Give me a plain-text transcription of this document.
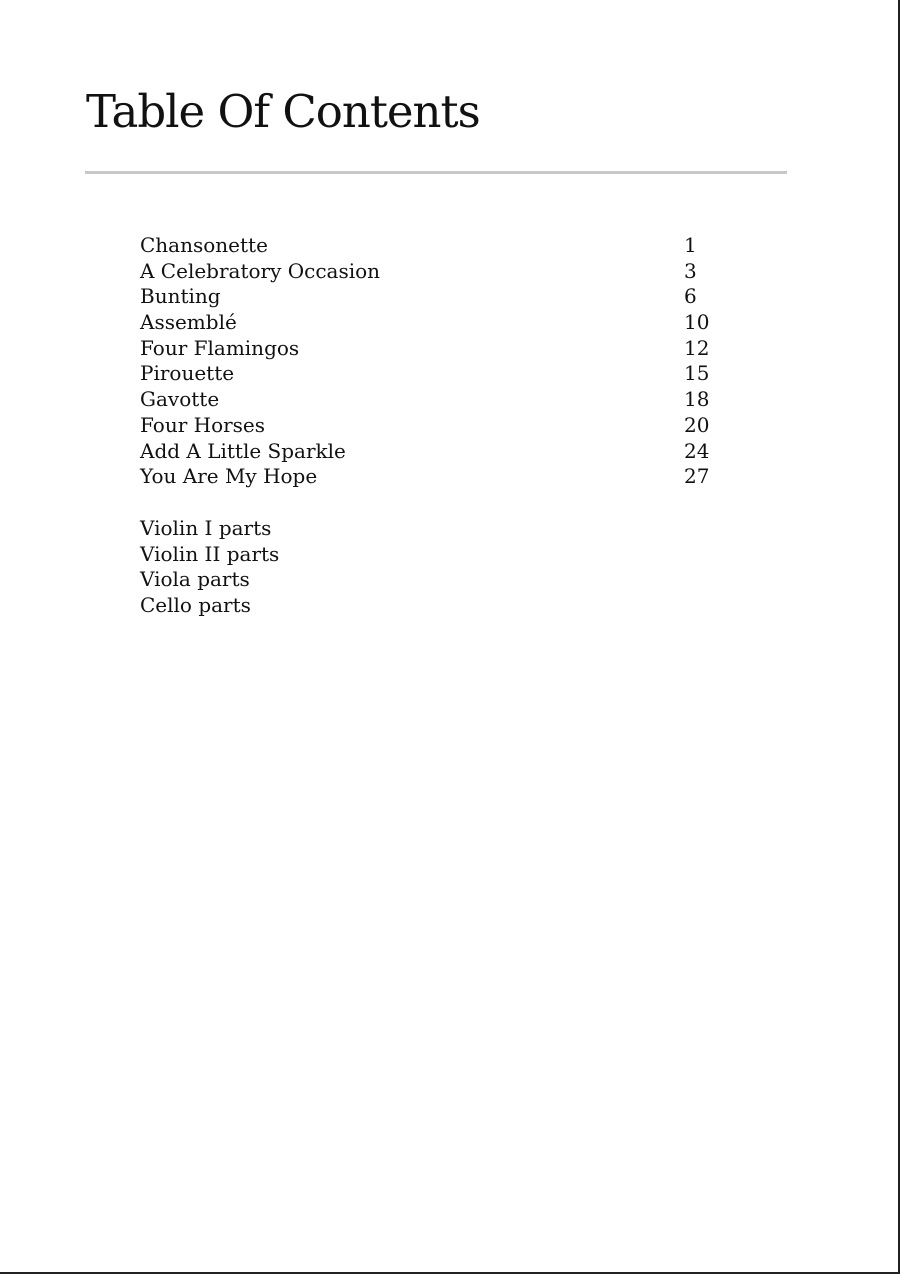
Table Of Contents
Chansonette	1
A Celebratory Occasion	3
Bunting	6
Assemblé	10
Four Flamingos	12
Pirouette	15
Gavotte	18
Four Horses	20
Add A Little Sparkle	24
You Are My Hope	27
Violin I parts
Violin II parts
Viola parts
Cello parts
